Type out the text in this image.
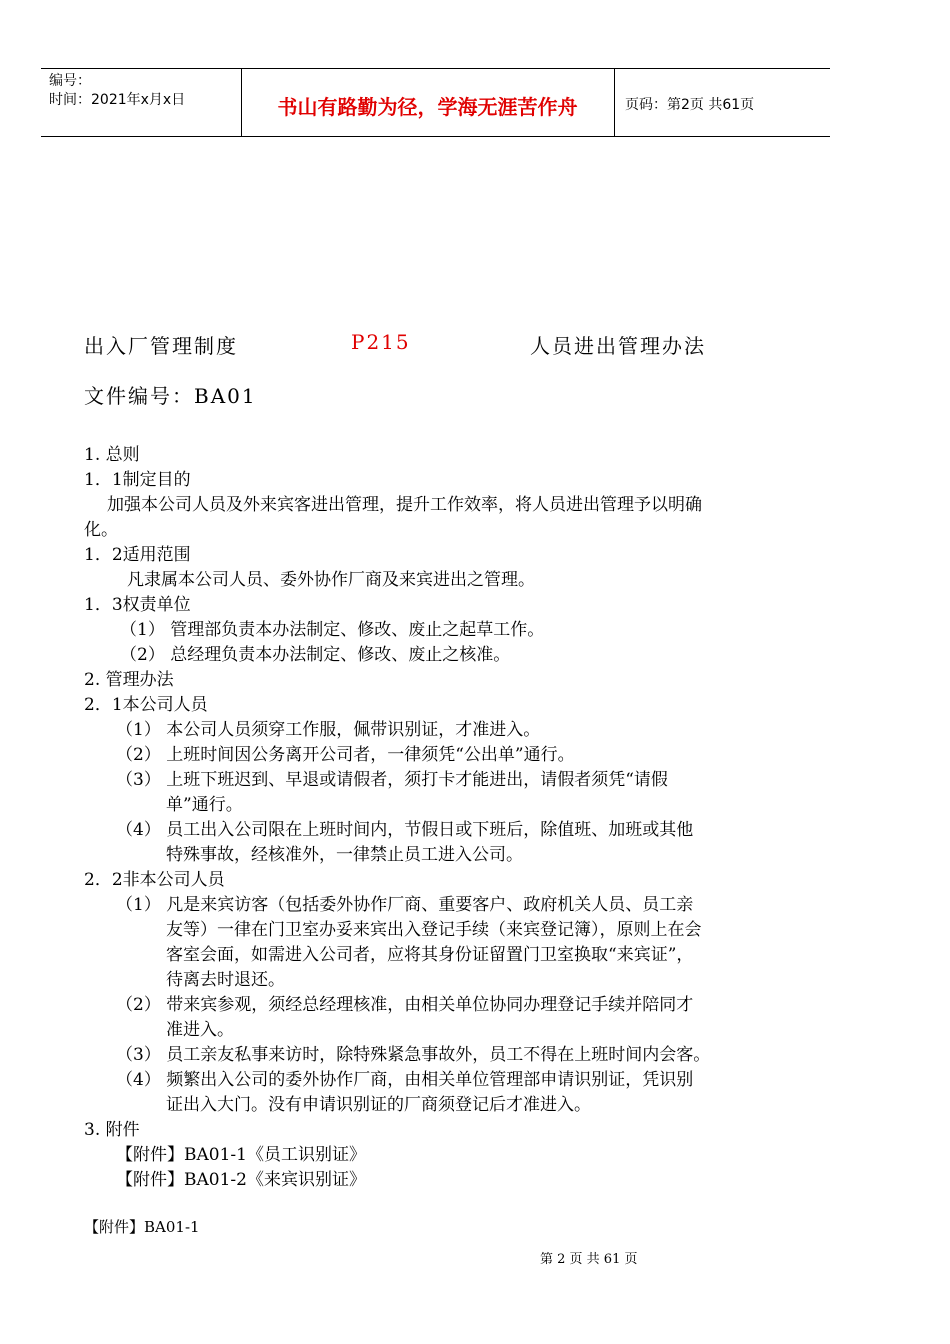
编号：
时间：2021年x月x日	书山有路勤为径，学海无涯苦作舟	页码：第2页 共61页
出入厂管理制度	P215	人员进出管理办法
文件编号：BA01
1. 总则
1．1制定目的
加强本公司人员及外来宾客进出管理，提升工作效率，将人员进出管理予以明确
化。
1．2适用范围
凡隶属本公司人员、委外协作厂商及来宾进出之管理。
1．3权责单位
（1） 管理部负责本办法制定、修改、废止之起草工作。
（2） 总经理负责本办法制定、修改、废止之核准。
2. 管理办法
2．1本公司人员
（1） 本公司人员须穿工作服，佩带识别证，才准进入。
（2） 上班时间因公务离开公司者，一律须凭“公出单”通行。
（3） 上班下班迟到、早退或请假者，须打卡才能进出，请假者须凭“请假
单”通行。
（4） 员工出入公司限在上班时间内，节假日或下班后，除值班、加班或其他
特殊事故，经核准外，一律禁止员工进入公司。
2．2非本公司人员
（1） 凡是来宾访客（包括委外协作厂商、重要客户、政府机关人员、员工亲
友等）一律在门卫室办妥来宾出入登记手续（来宾登记簿），原则上在会
客室会面，如需进入公司者，应将其身份证留置门卫室换取“来宾证”，
待离去时退还。
（2） 带来宾参观，须经总经理核准，由相关单位协同办理登记手续并陪同才
准进入。
（3） 员工亲友私事来访时，除特殊紧急事故外，员工不得在上班时间内会客。
（4） 频繁出入公司的委外协作厂商，由相关单位管理部申请识别证，凭识别
证出入大门。没有申请识别证的厂商须登记后才准进入。
3. 附件
【附件】BA01-1《员工识别证》
【附件】BA01-2《来宾识别证》
【附件】BA01-1
第 2 页 共 61 页
